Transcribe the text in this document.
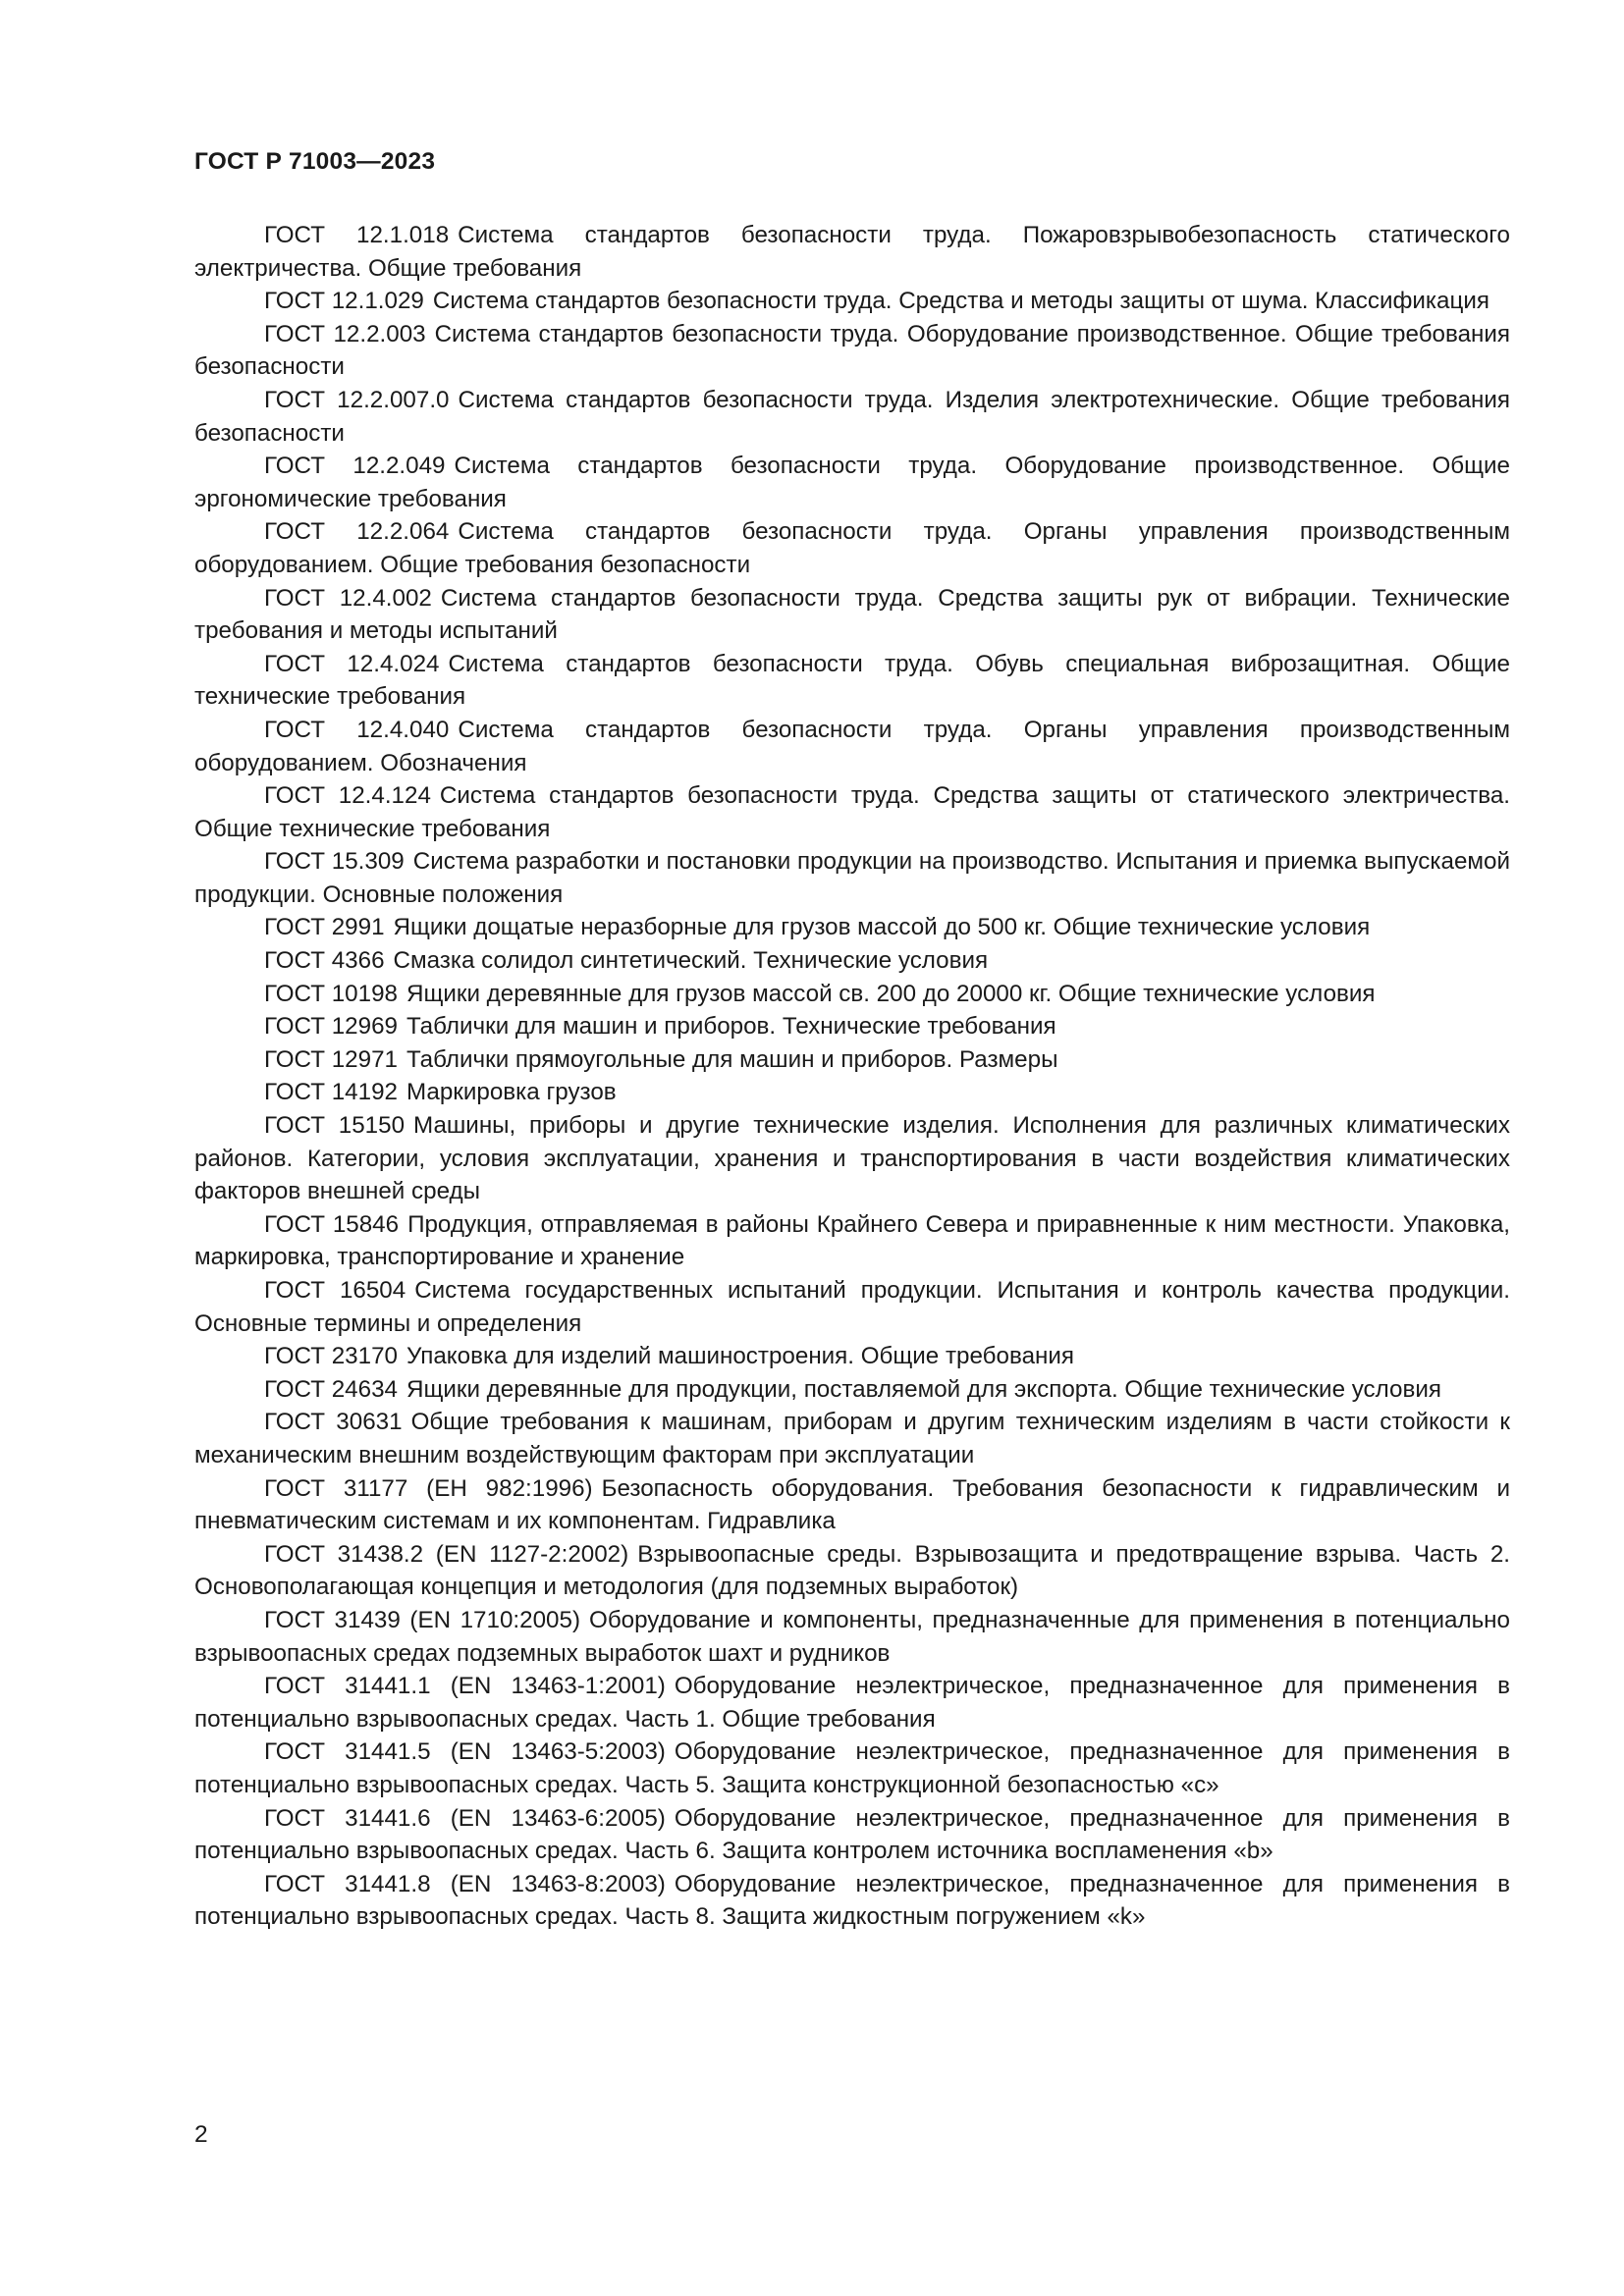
ГОСТ Р 71003—2023

ГОСТ 12.1.018 Система стандартов безопасности труда. Пожаровзрывобезопасность статического электричества. Общие требования

ГОСТ 12.1.029 Система стандартов безопасности труда. Средства и методы защиты от шума. Классификация

ГОСТ 12.2.003 Система стандартов безопасности труда. Оборудование производственное. Общие требования безопасности

ГОСТ 12.2.007.0 Система стандартов безопасности труда. Изделия электротехнические. Общие требования безопасности

ГОСТ 12.2.049 Система стандартов безопасности труда. Оборудование производственное. Общие эргономические требования

ГОСТ 12.2.064 Система стандартов безопасности труда. Органы управления производственным оборудованием. Общие требования безопасности

ГОСТ 12.4.002 Система стандартов безопасности труда. Средства защиты рук от вибрации. Технические требования и методы испытаний

ГОСТ 12.4.024 Система стандартов безопасности труда. Обувь специальная виброзащитная. Общие технические требования

ГОСТ 12.4.040 Система стандартов безопасности труда. Органы управления производственным оборудованием. Обозначения

ГОСТ 12.4.124 Система стандартов безопасности труда. Средства защиты от статического электричества. Общие технические требования

ГОСТ 15.309 Система разработки и постановки продукции на производство. Испытания и приемка выпускаемой продукции. Основные положения

ГОСТ 2991 Ящики дощатые неразборные для грузов массой до 500 кг. Общие технические условия

ГОСТ 4366 Смазка солидол синтетический. Технические условия

ГОСТ 10198 Ящики деревянные для грузов массой св. 200 до 20000 кг. Общие технические условия

ГОСТ 12969 Таблички для машин и приборов. Технические требования

ГОСТ 12971 Таблички прямоугольные для машин и приборов. Размеры

ГОСТ 14192 Маркировка грузов

ГОСТ 15150 Машины, приборы и другие технические изделия. Исполнения для различных климатических районов. Категории, условия эксплуатации, хранения и транспортирования в части воздействия климатических факторов внешней среды

ГОСТ 15846 Продукция, отправляемая в районы Крайнего Севера и приравненные к ним местности. Упаковка, маркировка, транспортирование и хранение

ГОСТ 16504 Система государственных испытаний продукции. Испытания и контроль качества продукции. Основные термины и определения

ГОСТ 23170 Упаковка для изделий машиностроения. Общие требования

ГОСТ 24634 Ящики деревянные для продукции, поставляемой для экспорта. Общие технические условия

ГОСТ 30631 Общие требования к машинам, приборам и другим техническим изделиям в части стойкости к механическим внешним воздействующим факторам при эксплуатации

ГОСТ 31177 (ЕН 982:1996) Безопасность оборудования. Требования безопасности к гидравлическим и пневматическим системам и их компонентам. Гидравлика

ГОСТ 31438.2 (EN 1127-2:2002) Взрывоопасные среды. Взрывозащита и предотвращение взрыва. Часть 2. Основополагающая концепция и методология (для подземных выработок)

ГОСТ 31439 (EN 1710:2005) Оборудование и компоненты, предназначенные для применения в потенциально взрывоопасных средах подземных выработок шахт и рудников

ГОСТ 31441.1 (EN 13463-1:2001) Оборудование неэлектрическое, предназначенное для применения в потенциально взрывоопасных средах. Часть 1. Общие требования

ГОСТ 31441.5 (EN 13463-5:2003) Оборудование неэлектрическое, предназначенное для применения в потенциально взрывоопасных средах. Часть 5. Защита конструкционной безопасностью «c»

ГОСТ 31441.6 (EN 13463-6:2005) Оборудование неэлектрическое, предназначенное для применения в потенциально взрывоопасных средах. Часть 6. Защита контролем источника воспламенения «b»

ГОСТ 31441.8 (EN 13463-8:2003) Оборудование неэлектрическое, предназначенное для применения в потенциально взрывоопасных средах. Часть 8. Защита жидкостным погружением «k»

2
